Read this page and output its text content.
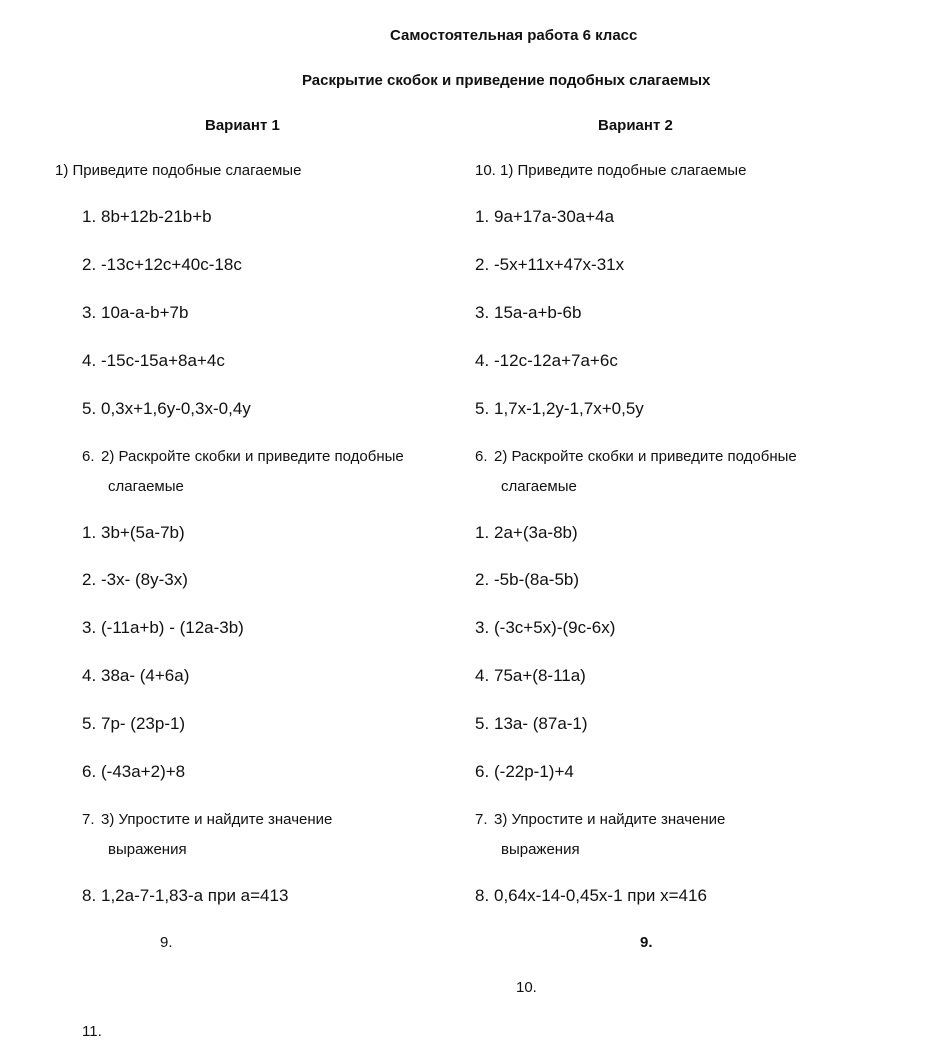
Самостоятельная работа 6 класс
Раскрытие скобок и приведение подобных слагаемых
Вариант 1	Вариант 2
1) Приведите подобные слагаемые
1. 8b+12b-21b+b
2. -13c+12c+40c-18c
3. 10a-a-b+7b
4. -15c-15a+8a+4c
5. 0,3x+1,6y-0,3x-0,4y
6. 2) Раскройте скобки и приведите подобные
слагаемые
1. 3b+(5a-7b)
2. -3x- (8y-3x)
3. (-11a+b) - (12a-3b)
4. 38a- (4+6a)
5. 7p- (23p-1)
6. (-43a+2)+8
7. 3) Упростите и найдите значение
выражения
8. 1,2a-7-1,83-a при a=413
9.
10. 1) Приведите подобные слагаемые
1. 9a+17a-30a+4a
2. -5x+11x+47x-31x
3. 15a-a+b-6b
4. -12c-12a+7a+6c
5. 1,7x-1,2y-1,7x+0,5y
6. 2) Раскройте скобки и приведите подобные
слагаемые
1. 2a+(3a-8b)
2. -5b-(8a-5b)
3. (-3c+5x)-(9c-6x)
4. 75a+(8-11a)
5. 13a- (87a-1)
6. (-22p-1)+4
7. 3) Упростите и найдите значение
выражения
8. 0,64x-14-0,45x-1 при x=416
9.
10.
11.
